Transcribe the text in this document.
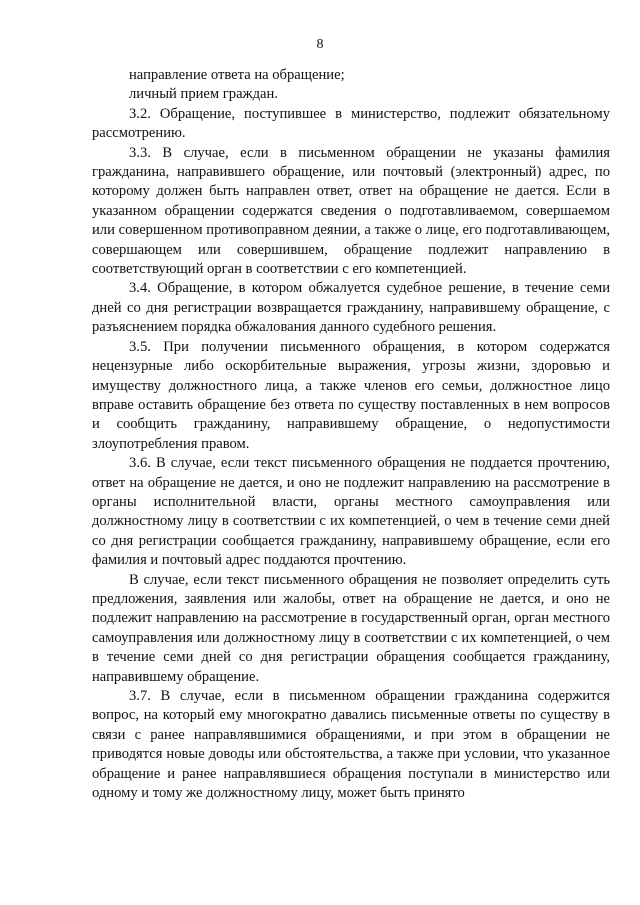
8

направление ответа на обращение;

личный прием граждан.

3.2. Обращение, поступившее в министерство, подлежит обязательному рассмотрению.

3.3. В случае, если в письменном обращении не указаны фамилия гражданина, направившего обращение, или почтовый (электронный) адрес, по которому должен быть направлен ответ, ответ на обращение не дается. Если в указанном обращении содержатся сведения о подготавливаемом, совершаемом или совершенном противоправном деянии, а также о лице, его подготавливающем, совершающем или совершившем, обращение подлежит направлению в соответствующий орган в соответствии с его компетенцией.

3.4. Обращение, в котором обжалуется судебное решение, в течение семи дней со дня регистрации возвращается гражданину, направившему обращение, с разъяснением порядка обжалования данного судебного решения.

3.5. При получении письменного обращения, в котором содержатся нецензурные либо оскорбительные выражения, угрозы жизни, здоровью и имуществу должностного лица, а также членов его семьи, должностное лицо вправе оставить обращение без ответа по существу поставленных в нем вопросов и сообщить гражданину, направившему обращение, о недопустимости злоупотребления правом.

3.6. В случае, если текст письменного обращения не поддается прочтению, ответ на обращение не дается, и оно не подлежит направлению на рассмотрение в органы исполнительной власти, органы местного самоуправления или должностному лицу в соответствии с их компетенцией, о чем в течение семи дней со дня регистрации сообщается гражданину, направившему обращение, если его фамилия и почтовый адрес поддаются прочтению.

В случае, если текст письменного обращения не позволяет определить суть предложения, заявления или жалобы, ответ на обращение не дается, и оно не подлежит направлению на рассмотрение в государственный орган, орган местного самоуправления или должностному лицу в соответствии с их компетенцией, о чем в течение семи дней со дня регистрации обращения сообщается гражданину, направившему обращение.

3.7. В случае, если в письменном обращении гражданина содержится вопрос, на который ему многократно давались письменные ответы по существу в связи с ранее направлявшимися обращениями, и при этом в обращении не приводятся новые доводы или обстоятельства, а также при условии, что указанное обращение и ранее направлявшиеся обращения поступали в министерство или одному и тому же должностному лицу, может быть принято
